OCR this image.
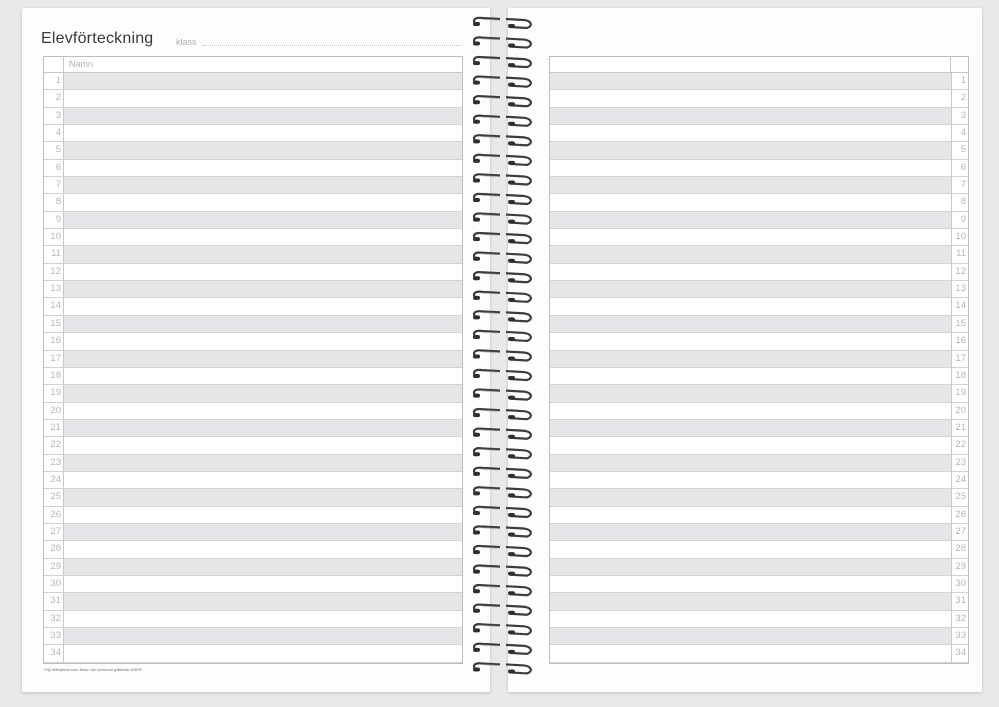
Elevförteckning	klass
Namn
1
2
3
4
5
6
7
8
9
10
11
12
13
14
15
16
17
18
19
20
21
22
23
24
25
26
27
28
29
30
31
32
33
34
1
2
3
4
5
6
7
8
9
10
11
12
13
14
15
16
17
18
19
20
21
22
23
24
25
26
27
28
29
30
31
32
33
34
Följ riktlinjerna som finns i din kommun gällande GDPR.
